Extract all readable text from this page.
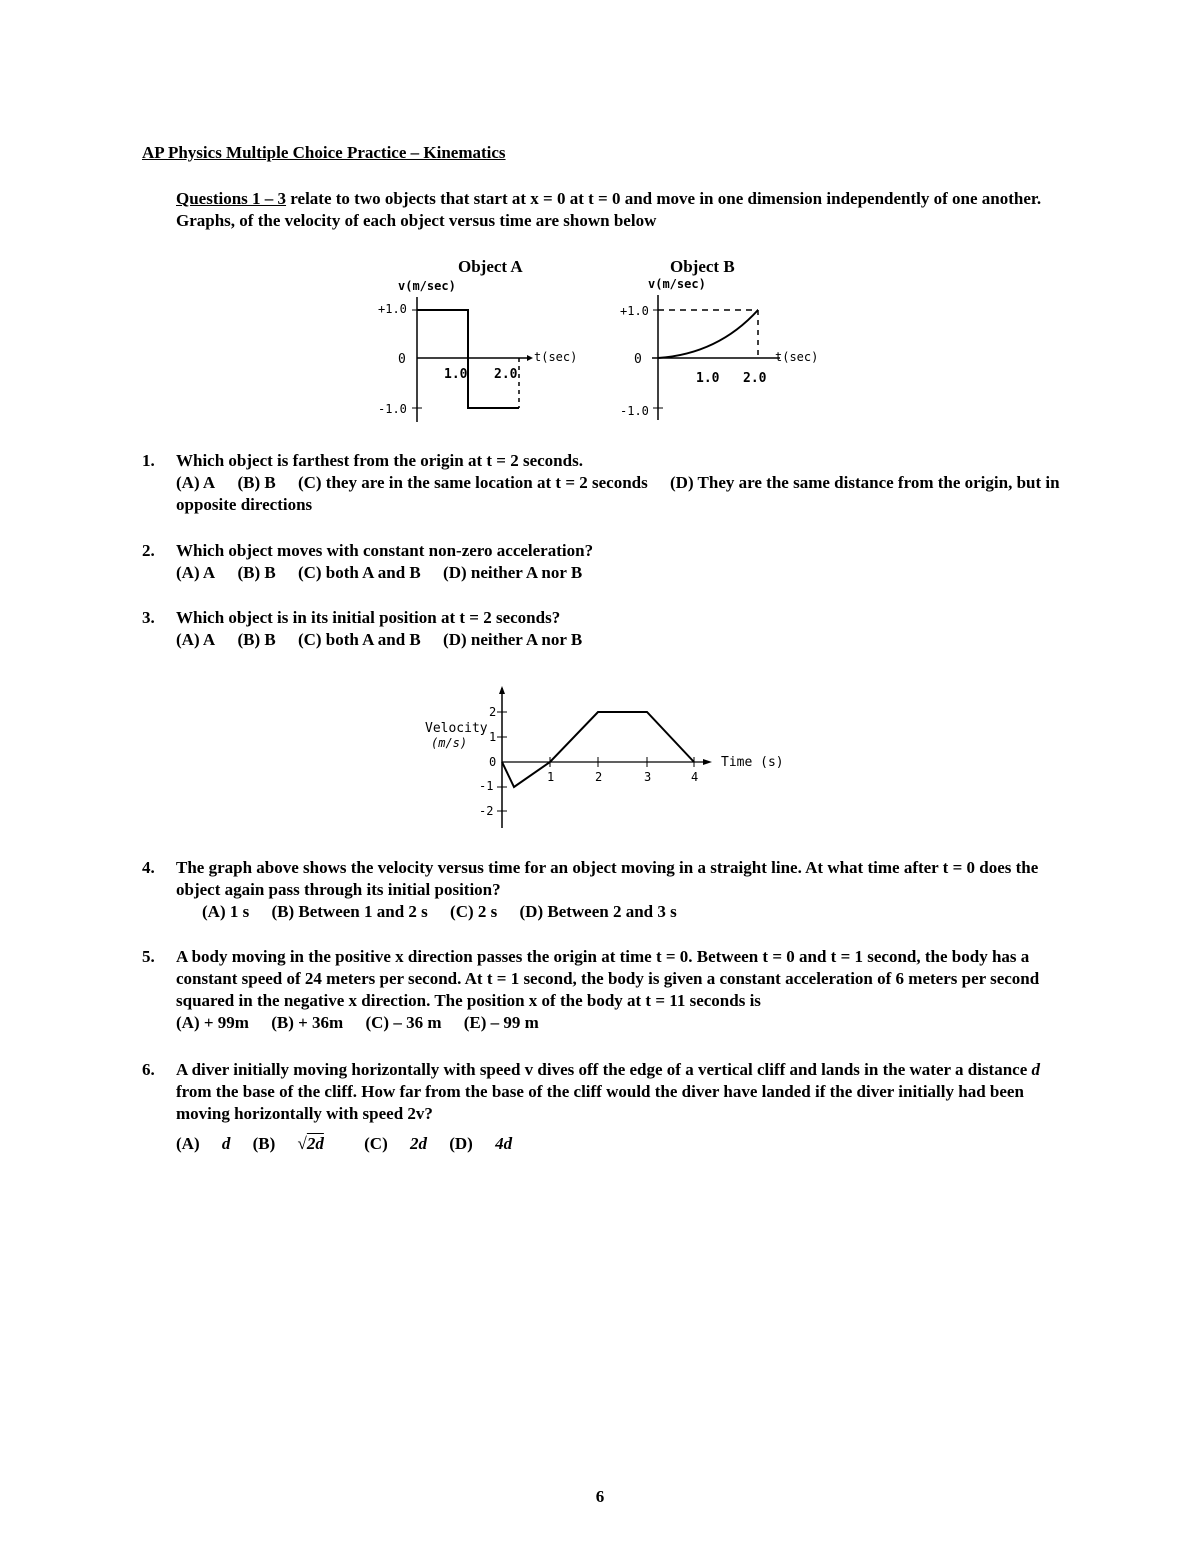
AP Physics Multiple Choice Practice – Kinematics
Questions 1 – 3 relate to two objects that start at x = 0 at t = 0 and move in one dimension independently of one another. Graphs, of the velocity of each object versus time are shown below
Object A
v(m/sec)
+1.0
0
-1.0
t(sec)
1.0 2.0
Object B
v(m/sec)
+1.0
0
-1.0
t(sec)
1.0 2.0
1.	Which object is farthest from the origin at t = 2 seconds.
(A) A (B) B (C) they are in the same location at t = 2 seconds (D) They are the same distance from the origin, but in opposite directions
2.	Which object moves with constant non-zero acceleration?
(A) A (B) B (C) both A and B (D) neither A nor B
3.	Which object is in its initial position at t = 2 seconds?
(A) A (B) B (C) both A and B (D) neither A nor B
Velocity
(m/s)
Time (s)
2
1
0
-1
-2
1	2	3	4
4.	The graph above shows the velocity versus time for an object moving in a straight line. At what time after t = 0 does the object again pass through its initial position?
(A) 1 s (B) Between 1 and 2 s (C) 2 s (D) Between 2 and 3 s
5.	A body moving in the positive x direction passes the origin at time t = 0. Between t = 0 and t = 1 second, the body has a constant speed of 24 meters per second. At t = 1 second, the body is given a constant acceleration of 6 meters per second squared in the negative x direction. The position x of the body at t = 11 seconds is
(A) + 99m (B) + 36m (C) – 36 m (E) – 99 m
6.	A diver initially moving horizontally with speed v dives off the edge of a vertical cliff and lands in the water a distance d from the base of the cliff. How far from the base of the cliff would the diver have landed if the diver initially had been moving horizontally with speed 2v?
(A) d (B) √2d (C) 2d (D) 4d
6
